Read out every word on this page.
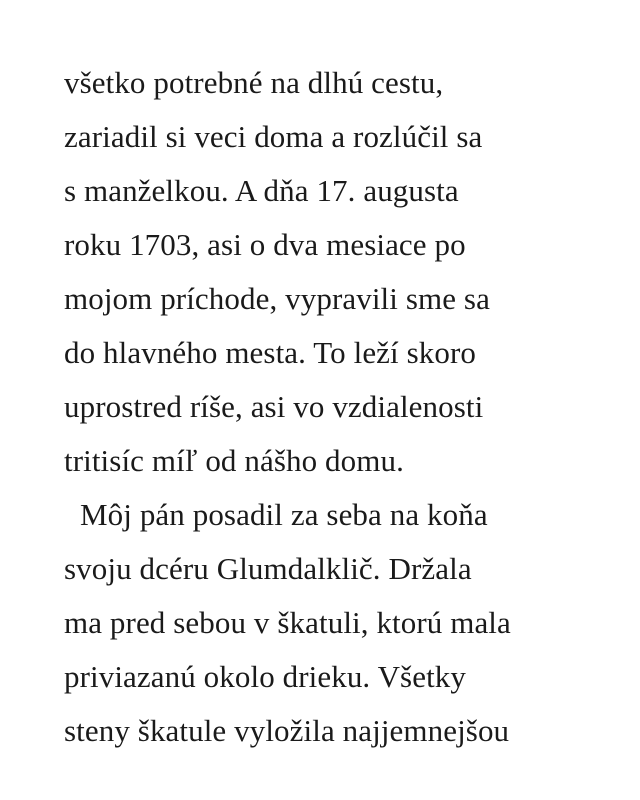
všetko potrebné na dlhú cestu,
zariadil si veci doma a rozlúčil sa
s manželkou. A dňa 17. augusta
roku 1703, asi o dva mesiace po
mojom príchode, vypravili sme sa
do hlavného mesta. To leží skoro
uprostred ríše, asi vo vzdialenosti
tritisíc míľ od nášho domu.
Môj pán posadil za seba na koňa
svoju dcéru Glumdalklič. Držala
ma pred sebou v škatuli, ktorú mala
priviazanú okolo drieku. Všetky
steny škatule vyložila najjemnejšou
